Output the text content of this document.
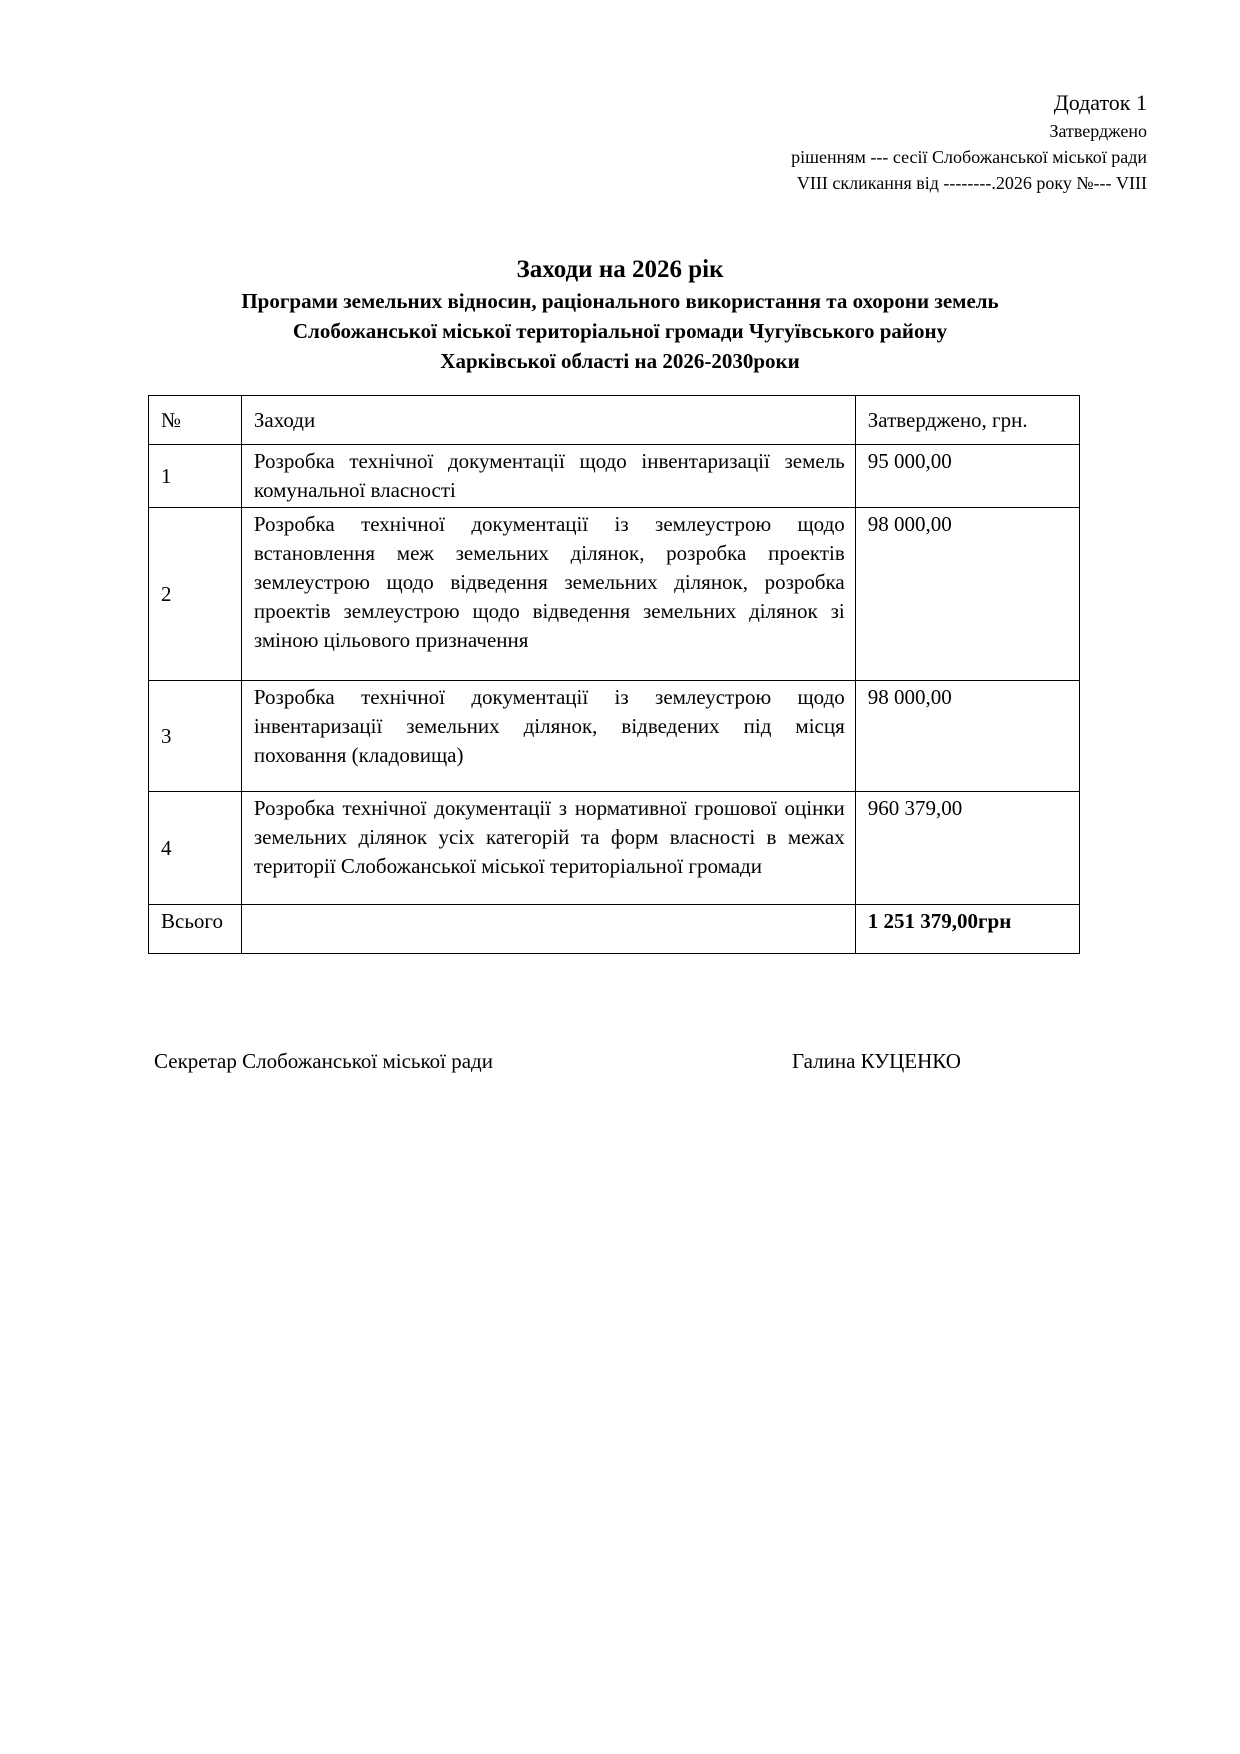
Додаток 1
Затверджено
рішенням --- сесії Слобожанської міської ради
VIII скликання від --------.2026 року №--- VIII
Заходи на 2026 рік
Програми земельних відносин, раціонального використання та охорони земель
Слобожанської міської територіальної громади Чугуївського району
Харківської області на 2026-2030роки
№	Заходи	Затверджено, грн.
1	Розробка технічної документації щодо інвентаризації земель комунальної власності	95 000,00
2	Розробка технічної документації із землеустрою щодо встановлення меж земельних ділянок, розробка проектів землеустрою щодо відведення земельних ділянок, розробка проектів землеустрою щодо відведення земельних ділянок зі зміною цільового призначення	98 000,00
3	Розробка технічної документації із землеустрою щодо інвентаризації земельних ділянок, відведених під місця поховання (кладовища)	98 000,00
4	Розробка технічної документації з нормативної грошової оцінки земельних ділянок усіх категорій та форм власності в межах території Слобожанської міської територіальної громади	960 379,00
Всього		1 251 379,00грн
Секретар Слобожанської міської ради	Галина КУЦЕНКО
